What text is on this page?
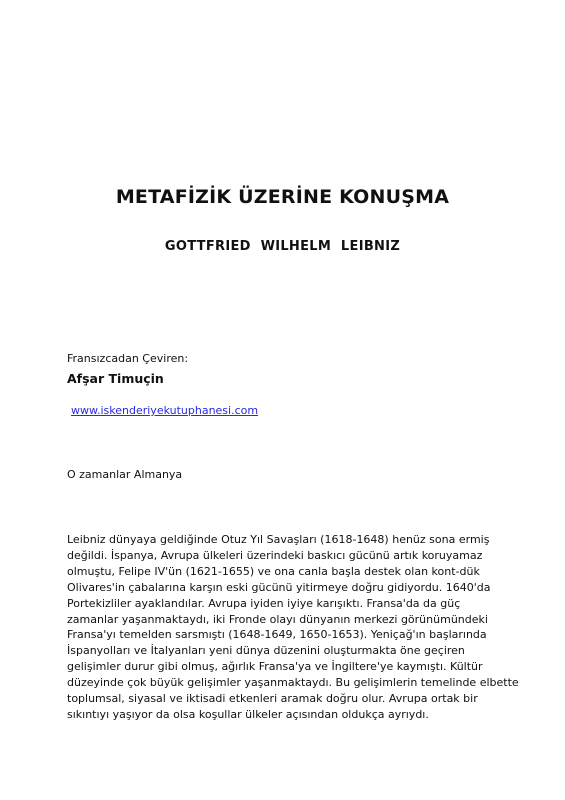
METAFİZİK ÜZERİNE KONUŞMA
GOTTFRIED WILHELM LEIBNIZ

Fransızcadan Çeviren:

Afşar Timuçin

www.iskenderiyekutuphanesi.com

O zamanlar Almanya

Leibniz dünyaya geldiğinde Otuz Yıl Savaşları (1618-1648) henüz sona ermiş
değildi. İspanya, Avrupa ülkeleri üzerindeki baskıcı gücünü artık koruyamaz
olmuştu, Felipe IV'ün (1621-1655) ve ona canla başla destek olan kont-dük
Olivares'in çabalarına karşın eski gücünü yitirmeye doğru gidiyordu. 1640'da
Portekizliler ayaklandılar. Avrupa iyiden iyiye karışıktı. Fransa'da da güç
zamanlar yaşanmaktaydı, iki Fronde olayı dünyanın merkezi görünümündeki
Fransa'yı temelden sarsmıştı (1648-1649, 1650-1653). Yeniçağ'ın başlarında
İspanyolları ve İtalyanları yeni dünya düzenini oluşturmakta öne geçiren
gelişimler durur gibi olmuş, ağırlık Fransa'ya ve İngiltere'ye kaymıştı. Kültür
düzeyinde çok büyük gelişimler yaşanmaktaydı. Bu gelişimlerin temelinde elbette
toplumsal, siyasal ve iktisadi etkenleri aramak doğru olur. Avrupa ortak bir
sıkıntıyı yaşıyor da olsa koşullar ülkeler açısından oldukça ayrıydı.
